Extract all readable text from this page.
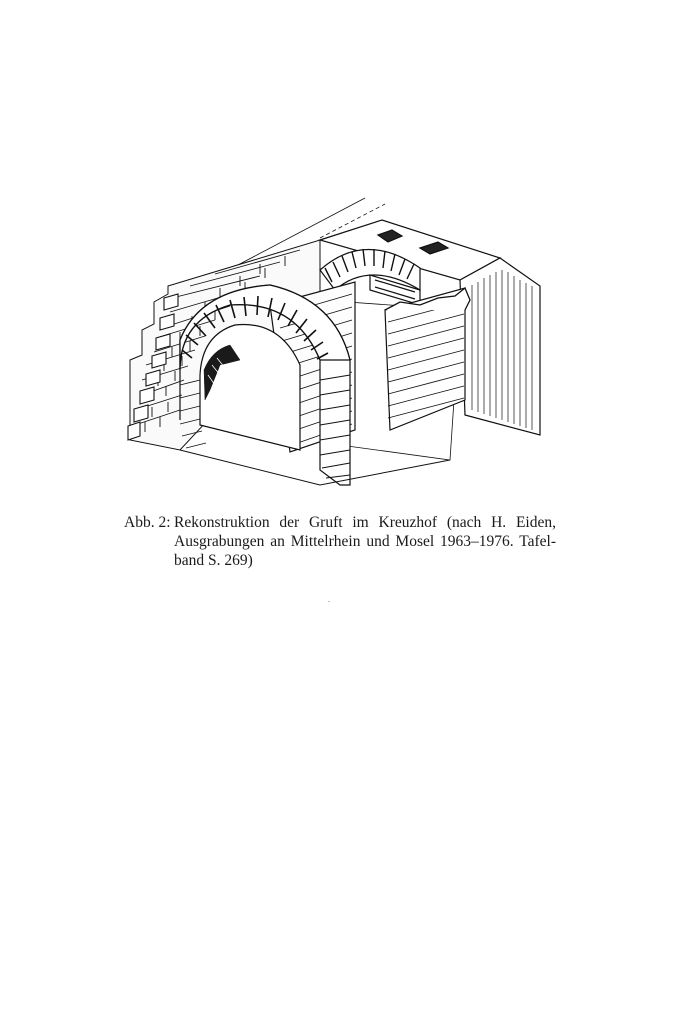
Abb. 2: Rekonstruktion der Gruft im Kreuzhof (nach H. Eiden,
Ausgrabungen an Mittelrhein und Mosel 1963–1976. Tafel-
band S. 269)
